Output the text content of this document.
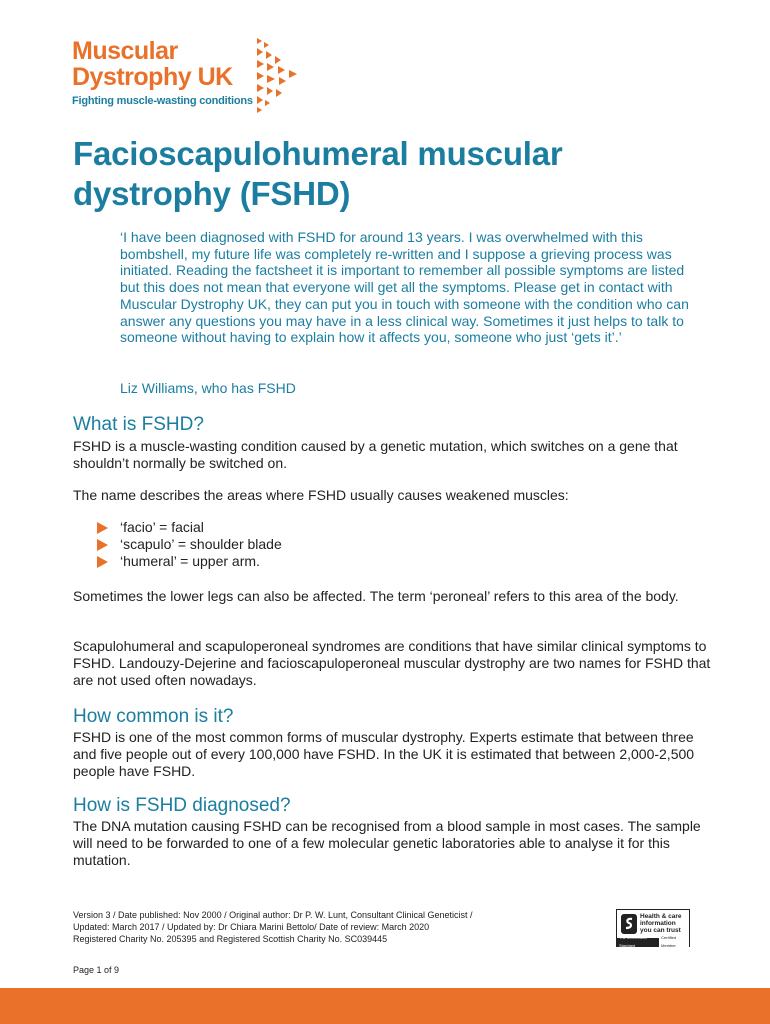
Muscular
Dystrophy UK
Fighting muscle-wasting conditions
Facioscapulohumeral muscular dystrophy (FSHD)

‘I have been diagnosed with FSHD for around 13 years. I was overwhelmed with this bombshell, my future life was completely re-written and I suppose a grieving process was initiated. Reading the factsheet it is important to remember all possible symptoms are listed but this does not mean that everyone will get all the symptoms. Please get in contact with Muscular Dystrophy UK, they can put you in touch with someone with the condition who can answer any questions you may have in a less clinical way. Sometimes it just helps to talk to someone without having to explain how it affects you, someone who just ‘gets it’.’

Liz Williams, who has FSHD

What is FSHD?

FSHD is a muscle-wasting condition caused by a genetic mutation, which switches on a gene that shouldn’t normally be switched on.

The name describes the areas where FSHD usually causes weakened muscles:

‘facio’ = facial
‘scapulo’ = shoulder blade
‘humeral’ = upper arm.

Sometimes the lower legs can also be affected. The term ‘peroneal’ refers to this area of the body.

Scapulohumeral and scapuloperoneal syndromes are conditions that have similar clinical symptoms to FSHD. Landouzy-Dejerine and facioscapuloperoneal muscular dystrophy are two names for FSHD that are not used often nowadays.

How common is it?

FSHD is one of the most common forms of muscular dystrophy. Experts estimate that between three and five people out of every 100,000 have FSHD. In the UK it is estimated that between 2,000-2,500 people have FSHD.

How is FSHD diagnosed?

The DNA mutation causing FSHD can be recognised from a blood sample in most cases. The sample will need to be forwarded to one of a few molecular genetic laboratories able to analyse it for this mutation.

Version 3 / Date published: Nov 2000 / Original author: Dr P. W. Lunt, Consultant Clinical Geneticist /
Updated: March 2017 / Updated by: Dr Chiara Marini Bettolo/ Date of review: March 2020
Registered Charity No. 205395 and Registered Scottish Charity No. SC039445
Health & care
information
you can trust
The Information Standard
Certified Member

Page 1 of 9
